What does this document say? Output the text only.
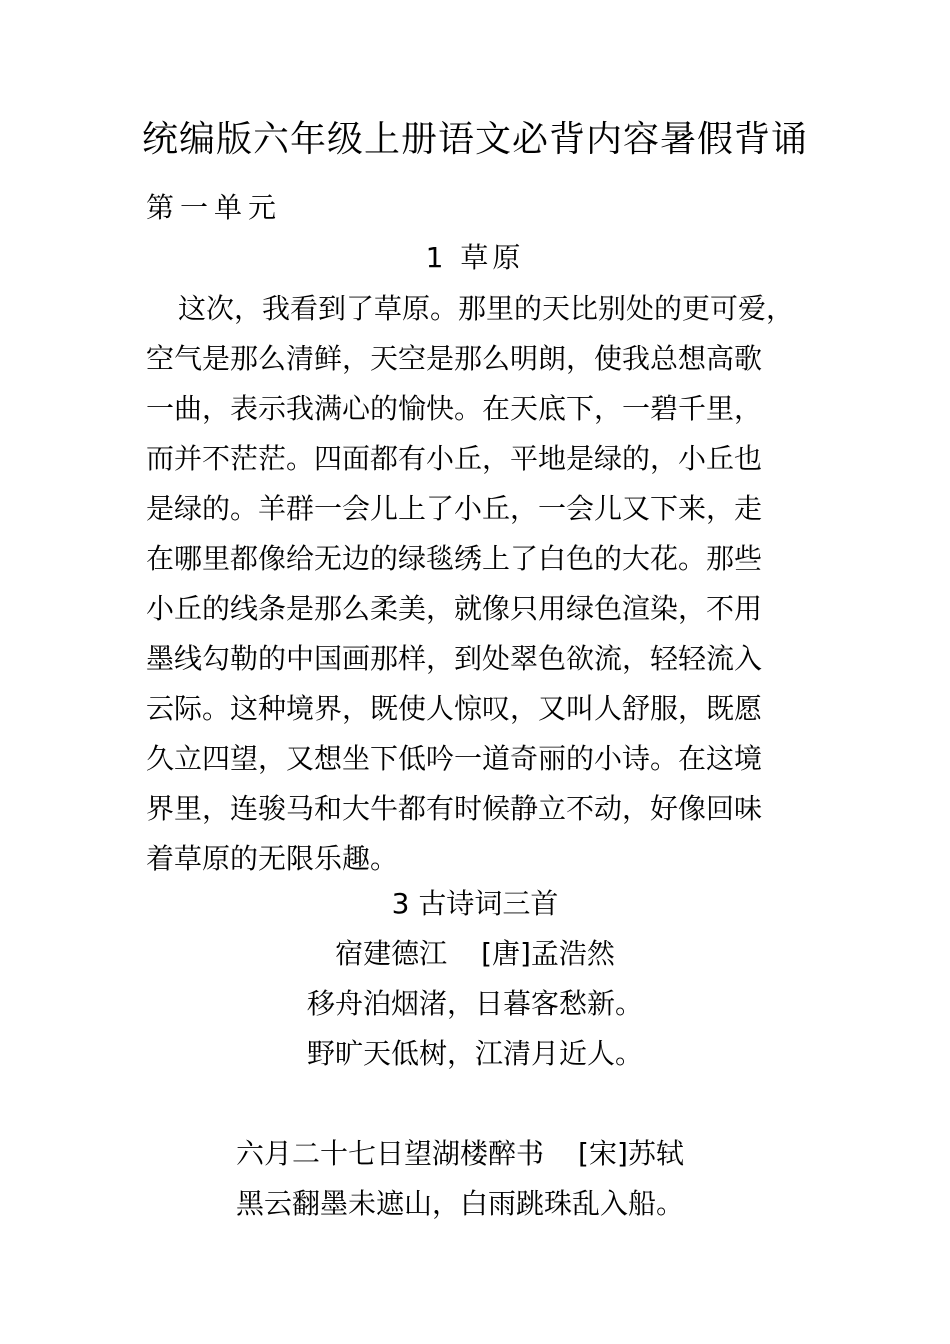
统编版六年级上册语文必背内容暑假背诵
第一单元
1 草原

这次，我看到了草原。那里的天比别处的更可爱，
空气是那么清鲜，天空是那么明朗，使我总想高歌
一曲，表示我满心的愉快。在天底下，一碧千里，
而并不茫茫。四面都有小丘，平地是绿的，小丘也
是绿的。羊群一会儿上了小丘，一会儿又下来，走
在哪里都像给无边的绿毯绣上了白色的大花。那些
小丘的线条是那么柔美，就像只用绿色渲染，不用
墨线勾勒的中国画那样，到处翠色欲流，轻轻流入
云际。这种境界，既使人惊叹，又叫人舒服，既愿
久立四望，又想坐下低吟一道奇丽的小诗。在这境
界里，连骏马和大牛都有时候静立不动，好像回味
着草原的无限乐趣。

3 古诗词三首
宿建德江 [唐]孟浩然
移舟泊烟渚，日暮客愁新。
野旷天低树，江清月近人。
六月二十七日望湖楼醉书 [宋]苏轼
黑云翻墨未遮山，白雨跳珠乱入船。
